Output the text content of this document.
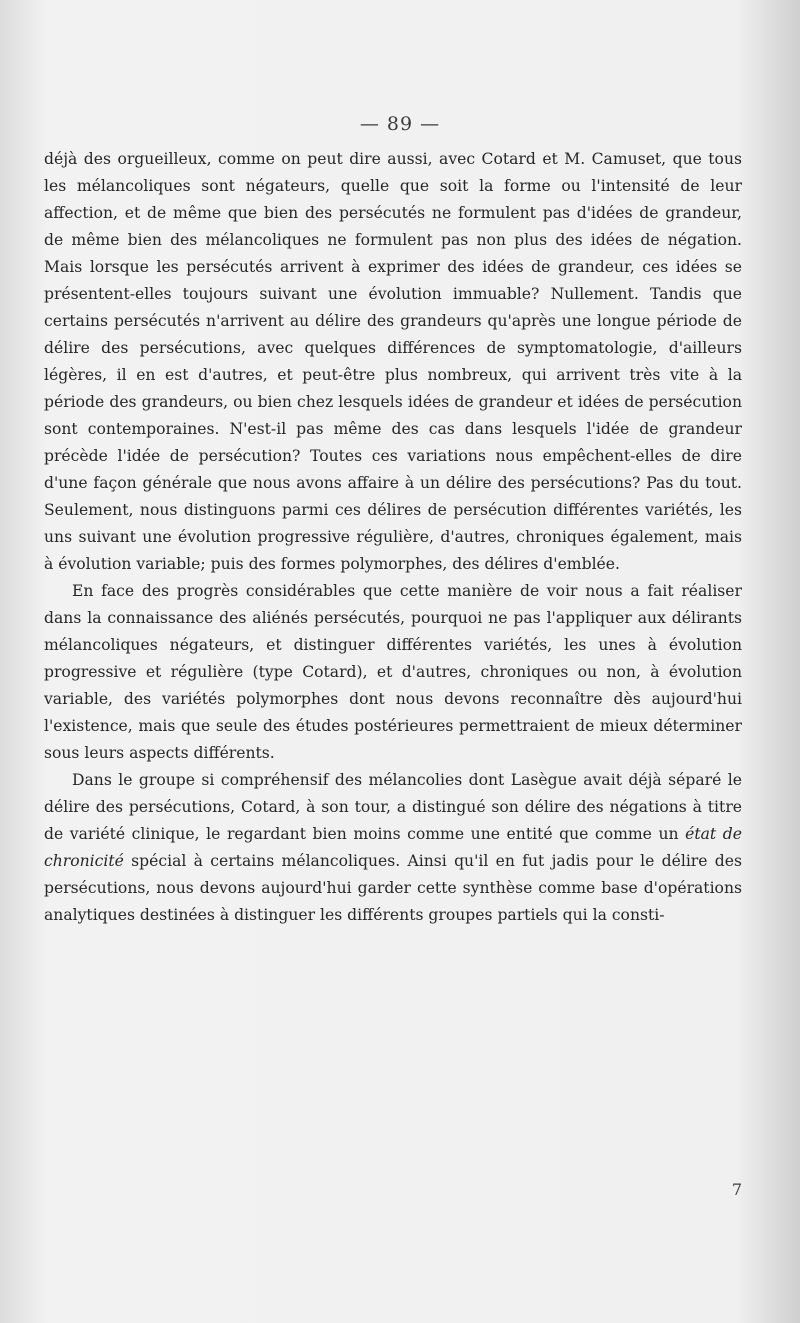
— 89 —

déjà des orgueilleux, comme on peut dire aussi, avec Cotard et M. Camuset, que tous les mélancoliques sont négateurs, quelle que soit la forme ou l'intensité de leur affection, et de même que bien des persécutés ne formulent pas d'idées de grandeur, de même bien des mélancoliques ne formulent pas non plus des idées de négation. Mais lorsque les persécutés arrivent à exprimer des idées de grandeur, ces idées se présentent-elles toujours suivant une évolution immuable? Nullement. Tandis que certains persécutés n'arrivent au délire des grandeurs qu'après une longue période de délire des persécutions, avec quelques différences de symptomatologie, d'ailleurs légères, il en est d'autres, et peut-être plus nombreux, qui arrivent très vite à la période des grandeurs, ou bien chez lesquels idées de grandeur et idées de persécution sont contemporaines. N'est-il pas même des cas dans lesquels l'idée de grandeur précède l'idée de persécution? Toutes ces variations nous empêchent-elles de dire d'une façon générale que nous avons affaire à un délire des persécutions? Pas du tout. Seulement, nous distinguons parmi ces délires de persécution différentes variétés, les uns suivant une évolution progressive régulière, d'autres, chroniques également, mais à évolution variable; puis des formes polymorphes, des délires d'emblée.

En face des progrès considérables que cette manière de voir nous a fait réaliser dans la connaissance des aliénés persécutés, pourquoi ne pas l'appliquer aux délirants mélancoliques négateurs, et distinguer différentes variétés, les unes à évolution progressive et régulière (type Cotard), et d'autres, chroniques ou non, à évolution variable, des variétés polymorphes dont nous devons reconnaître dès aujourd'hui l'existence, mais que seule des études postérieures permettraient de mieux déterminer sous leurs aspects différents.

Dans le groupe si compréhensif des mélancolies dont Lasègue avait déjà séparé le délire des persécutions, Cotard, à son tour, a distingué son délire des négations à titre de variété clinique, le regardant bien moins comme une entité que comme un état de chronicité spécial à certains mélancoliques. Ainsi qu'il en fut jadis pour le délire des persécutions, nous devons aujourd'hui garder cette synthèse comme base d'opérations analytiques destinées à distinguer les différents groupes partiels qui la consti-

7
